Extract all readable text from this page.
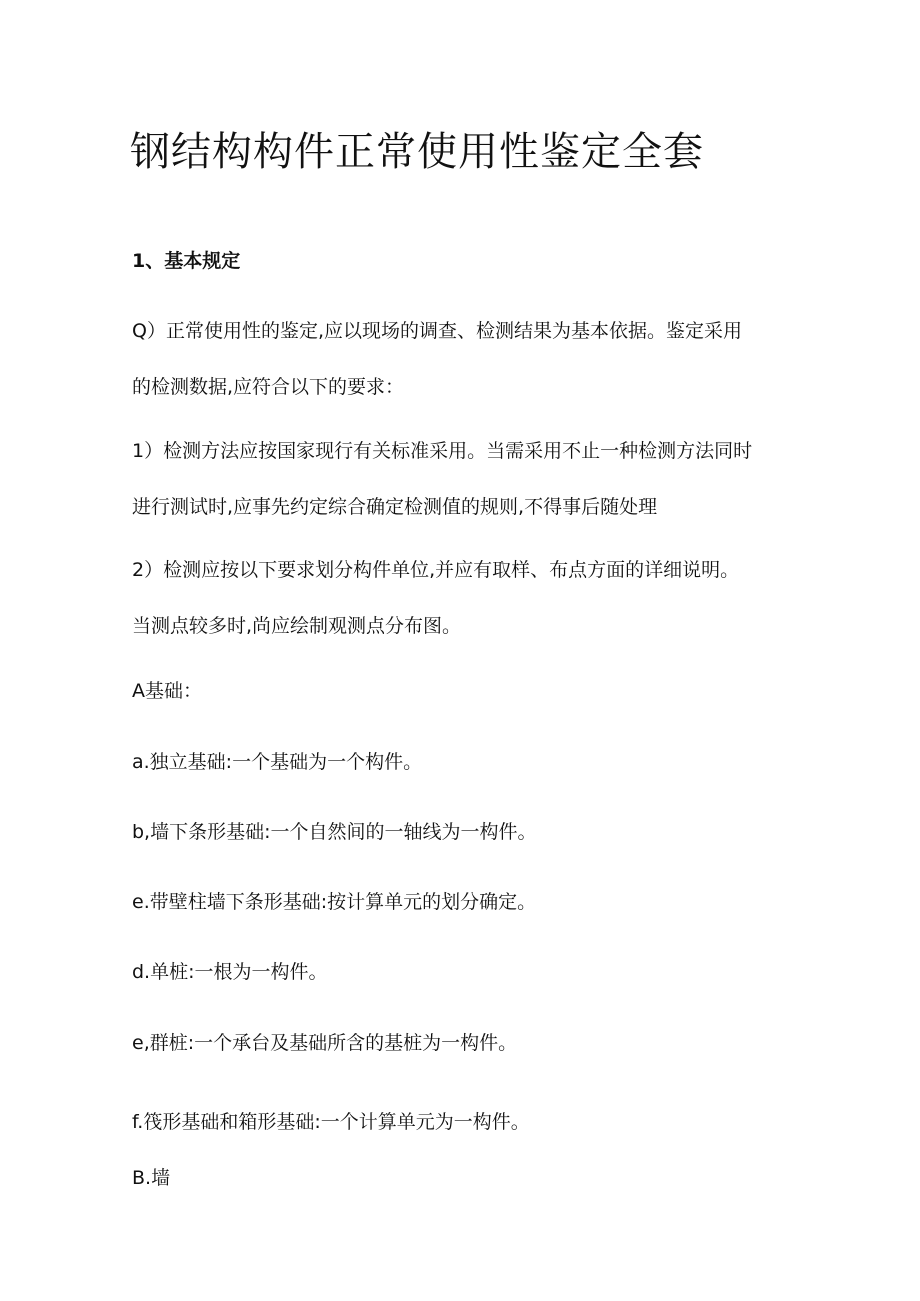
钢结构构件正常使用性鉴定全套
1、基本规定

Q）正常使用性的鉴定,应以现场的调查、检测结果为基本依据。鉴定采用
的检测数据,应符合以下的要求：

1）检测方法应按国家现行有关标准采用。当需采用不止一种检测方法同时
进行测试时,应事先约定综合确定检测值的规则,不得事后随处理

2）检测应按以下要求划分构件单位,并应有取样、布点方面的详细说明。
当测点较多时,尚应绘制观测点分布图。

A基础：

a.独立基础:一个基础为一个构件。

b,墙下条形基础:一个自然间的一轴线为一构件。

e.带壁柱墙下条形基础:按计算单元的划分确定。

d.单桩:一根为一构件。

e,群桩:一个承台及基础所含的基桩为一构件。

f.筏形基础和箱形基础:一个计算单元为一构件。

B.墙
